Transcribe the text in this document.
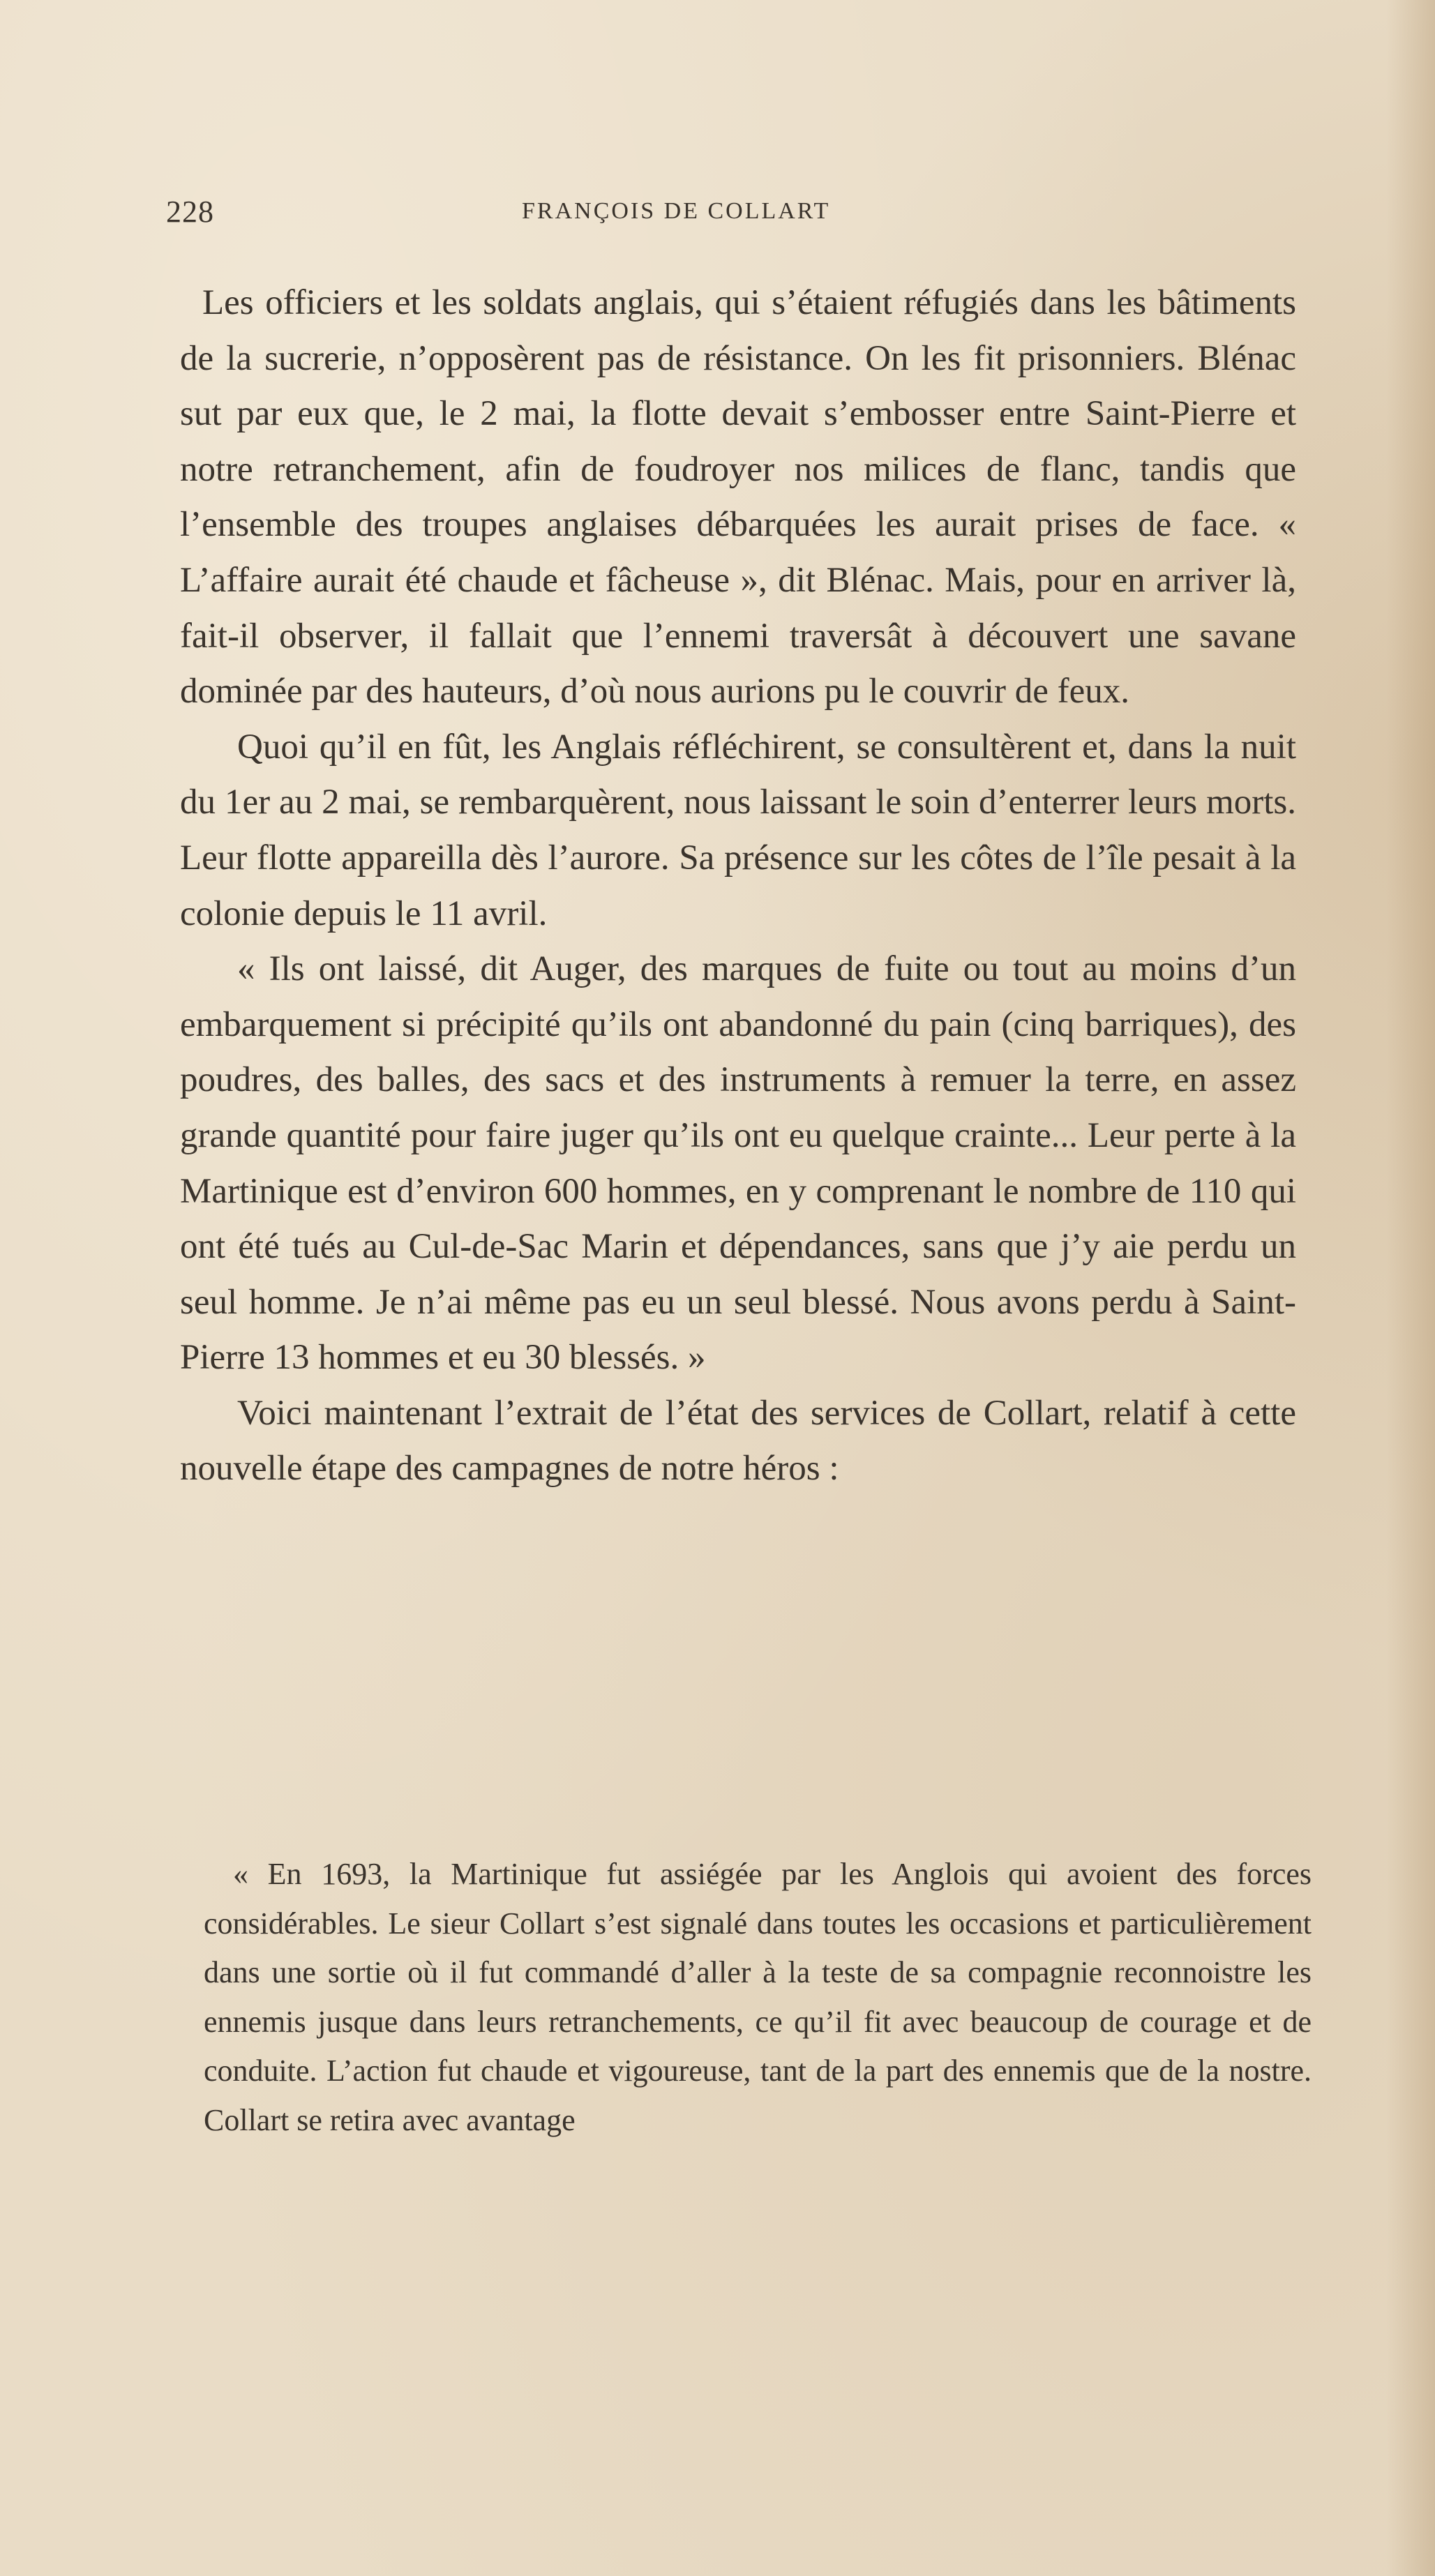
228	FRANÇOIS DE COLLART

Les officiers et les soldats anglais, qui s’étaient réfugiés dans les bâtiments de la sucrerie, n’opposèrent pas de résistance. On les fit prisonniers. Blénac sut par eux que, le 2 mai, la flotte devait s’embosser entre Saint-Pierre et notre retranchement, afin de foudroyer nos milices de flanc, tandis que l’ensemble des troupes anglaises débarquées les aurait prises de face. « L’affaire aurait été chaude et fâcheuse », dit Blénac. Mais, pour en arriver là, fait-il observer, il fallait que l’ennemi traversât à découvert une savane dominée par des hauteurs, d’où nous aurions pu le couvrir de feux.

Quoi qu’il en fût, les Anglais réfléchirent, se consultèrent et, dans la nuit du 1er au 2 mai, se rembarquèrent, nous laissant le soin d’enterrer leurs morts. Leur flotte appareilla dès l’aurore. Sa présence sur les côtes de l’île pesait à la colonie depuis le 11 avril.

« Ils ont laissé, dit Auger, des marques de fuite ou tout au moins d’un embarquement si précipité qu’ils ont abandonné du pain (cinq barriques), des poudres, des balles, des sacs et des instruments à remuer la terre, en assez grande quantité pour faire juger qu’ils ont eu quelque crainte... Leur perte à la Martinique est d’environ 600 hommes, en y comprenant le nombre de 110 qui ont été tués au Cul-de-Sac Marin et dépendances, sans que j’y aie perdu un seul homme. Je n’ai même pas eu un seul blessé. Nous avons perdu à Saint-Pierre 13 hommes et eu 30 blessés. »

Voici maintenant l’extrait de l’état des services de Collart, relatif à cette nouvelle étape des campagnes de notre héros :

« En 1693, la Martinique fut assiégée par les Anglois qui avoient des forces considérables. Le sieur Collart s’est signalé dans toutes les occasions et particulièrement dans une sortie où il fut commandé d’aller à la teste de sa compagnie reconnoistre les ennemis jusque dans leurs retranchements, ce qu’il fit avec beaucoup de courage et de conduite. L’action fut chaude et vigoureuse, tant de la part des ennemis que de la nostre. Collart se retira avec avantage
